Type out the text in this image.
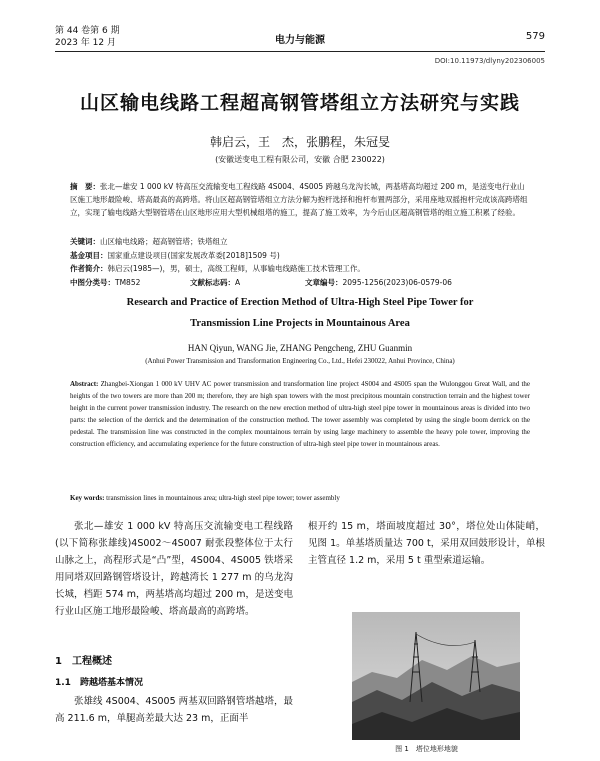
第 44 卷第 6 期
2023 年 12 月	电力与能源	579
DOI:10.11973/dlyny202306005
山区输电线路工程超高钢管塔组立方法研究与实践
韩启云，王　杰，张鹏程，朱冠旻
(安徽送变电工程有限公司，安徽 合肥 230022)
摘　要：张北—雄安 1 000 kV 特高压交流输变电工程线路 4S004、4S005 跨越乌龙沟长城，两基塔高均超过 200 m，是送变电行业山区施工地形最险峻、塔高最高的高跨塔。将山区超高钢管塔组立方法分解为抱杆选择和抱杆布置两部分，采用座地双摇抱杆完成该高跨塔组立，实现了输电线路大型钢管塔在山区地形应用大型机械组塔的施工，提高了施工效率，为今后山区超高钢管塔的组立施工积累了经验。
关键词：山区输电线路；超高钢管塔；铁塔组立
基金项目：国家重点建设项目(国家发展改革委[2018]1509 号)
作者简介：韩启云(1985—)，男，硕士，高级工程师，从事输电线路施工技术管理工作。
中图分类号：TM852	文献标志码：A	文章编号：2095-1256(2023)06-0579-06
Research and Practice of Erection Method of Ultra-High Steel Pipe Tower for
Transmission Line Projects in Mountainous Area
HAN Qiyun, WANG Jie, ZHANG Pengcheng, ZHU Guanmin
(Anhui Power Transmission and Transformation Engineering Co., Ltd., Hefei 230022, Anhui Province, China)
Abstract: Zhangbei-Xiongan 1 000 kV UHV AC power transmission and transformation line project 4S004 and 4S005 span the Wulonggou Great Wall, and the heights of the two towers are more than 200 m; therefore, they are high span towers with the most precipitous mountain construction terrain and the highest tower height in the current power transmission industry. The research on the new erection method of ultra-high steel pipe tower in mountainous areas is divided into two parts: the selection of the derrick and the determination of the construction method. The tower assembly was completed by using the single boom derrick on the pedestal. The transmission line was constructed in the complex mountainous terrain by using large machinery to assemble the heavy pole tower, improving the construction efficiency, and accumulating experience for the future construction of ultra-high steel pipe tower in mountainous areas.
Key words: transmission lines in mountainous area; ultra-high steel pipe tower; tower assembly
张北—雄安 1 000 kV 特高压交流输变电工程线路(以下简称张雄线)4S002～4S007 耐张段整体位于太行山脉之上，高程形式是“凸”型，4S004、4S005 铁塔采用同塔双回路钢管塔设计，跨越湾长 1 277 m 的乌龙沟长城，档距 574 m，两基塔高均超过 200 m，是送变电行业山区施工地形最险峻、塔高最高的高跨塔。
1　工程概述
1.1　跨越塔基本情况
张雄线 4S004、4S005 两基双回路钢管塔越塔，最高 211.6 m，单腿高差最大达 23 m，正面半
根开约 15 m，塔面坡度超过 30°，塔位处山体陡峭，见图 1。单基塔质量达 700 t，采用双回鼓形设计，单根主管直径 1.2 m，采用 5 t 重型索道运输。
图 1　塔位地形地貌
